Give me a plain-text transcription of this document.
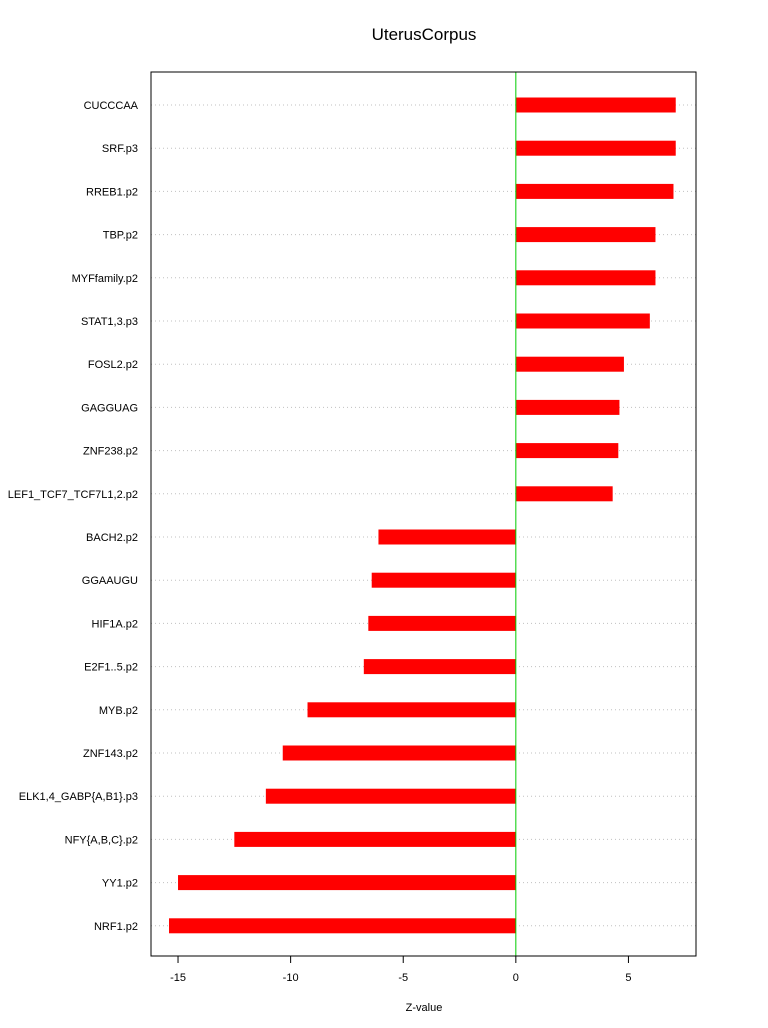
UterusCorpus
CUCCCAA
SRF.p3
RREB1.p2
TBP.p2
MYFfamily.p2
STAT1,3.p3
FOSL2.p2
GAGGUAG
ZNF238.p2
LEF1_TCF7_TCF7L1,2.p2
BACH2.p2
GGAAUGU
HIF1A.p2
E2F1..5.p2
MYB.p2
ZNF143.p2
ELK1,4_GABP{A,B1}.p3
NFY{A,B,C}.p2
YY1.p2
NRF1.p2
-15	-10	-5	0	5
Z-value
